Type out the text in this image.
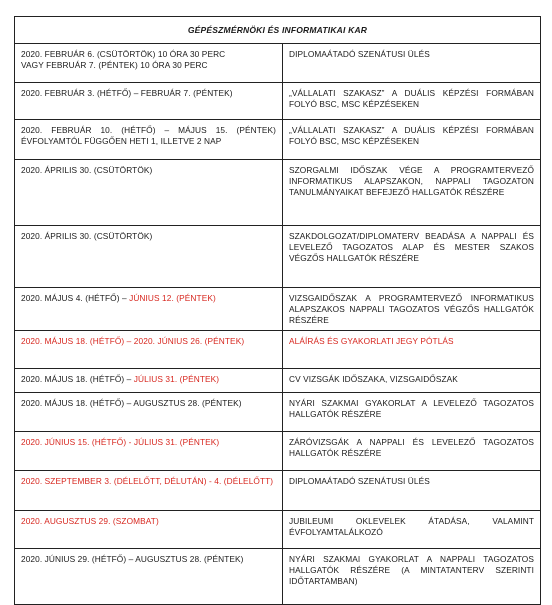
GÉPÉSZMÉRNÖKI ÉS INFORMATIKAI KAR	
2020. FEBRUÁR 6. (CSÜTÖRTÖK) 10 ÓRA 30 PERC
VAGY FEBRUÁR 7. (PÉNTEK) 10 ÓRA 30 PERC	DIPLOMAÁTADÓ SZENÁTUSI ÜLÉS
2020. FEBRUÁR 3. (HÉTFŐ) – FEBRUÁR 7. (PÉNTEK)	„VÁLLALATI SZAKASZ” A DUÁLIS KÉPZÉSI FORMÁBAN FOLYÓ BSC, MSC KÉPZÉSEKEN
2020. FEBRUÁR 10. (HÉTFŐ) – MÁJUS 15. (PÉNTEK) ÉVFOLYAMTÓL FÜGGŐEN HETI 1, ILLETVE 2 NAP	„VÁLLALATI SZAKASZ” A DUÁLIS KÉPZÉSI FORMÁBAN FOLYÓ BSC, MSC KÉPZÉSEKEN
2020. ÁPRILIS 30. (CSÜTÖRTÖK)	SZORGALMI IDŐSZAK VÉGE A PROGRAMTERVEZŐ INFORMATIKUS ALAPSZAKON, NAPPALI TAGOZATON TANULMÁNYAIKAT BEFEJEZŐ HALLGATÓK RÉSZÉRE
2020. ÁPRILIS 30. (CSÜTÖRTÖK)	SZAKDOLGOZAT/DIPLOMATERV BEADÁSA A NAPPALI ÉS LEVELEZŐ TAGOZATOS ALAP ÉS MESTER SZAKOS VÉGZŐS HALLGATÓK RÉSZÉRE
2020. MÁJUS 4. (HÉTFŐ) – JÚNIUS 12. (PÉNTEK)	VIZSGAIDŐSZAK A PROGRAMTERVEZŐ INFORMATIKUS ALAPSZAKOS NAPPALI TAGOZATOS VÉGZŐS HALLGATÓK RÉSZÉRE
2020. MÁJUS 18. (HÉTFŐ) – 2020. JÚNIUS 26. (PÉNTEK)	ALÁÍRÁS ÉS GYAKORLATI JEGY PÓTLÁS
2020. MÁJUS 18. (HÉTFŐ) – JÚLIUS 31. (PÉNTEK)	CV VIZSGÁK IDŐSZAKA, VIZSGAIDŐSZAK
2020. MÁJUS 18. (HÉTFŐ) – AUGUSZTUS 28. (PÉNTEK)	NYÁRI SZAKMAI GYAKORLAT A LEVELEZŐ TAGOZATOS HALLGATÓK RÉSZÉRE
2020. JÚNIUS 15. (HÉTFŐ) - JÚLIUS 31. (PÉNTEK)	ZÁRÓVIZSGÁK A NAPPALI ÉS LEVELEZŐ TAGOZATOS HALLGATÓK RÉSZÉRE
2020. SZEPTEMBER 3. (DÉLELŐTT, DÉLUTÁN) - 4. (DÉLELŐTT)	DIPLOMAÁTADÓ SZENÁTUSI ÜLÉS
2020. AUGUSZTUS 29. (SZOMBAT)	JUBILEUMI OKLEVELEK ÁTADÁSA, VALAMINT ÉVFOLYAMTALÁLKOZÓ
2020. JÚNIUS 29. (HÉTFŐ) – AUGUSZTUS 28. (PÉNTEK)	NYÁRI SZAKMAI GYAKORLAT A NAPPALI TAGOZATOS HALLGATÓK RÉSZÉRE (A MINTATANTERV SZERINTI IDŐTARTAMBAN)
